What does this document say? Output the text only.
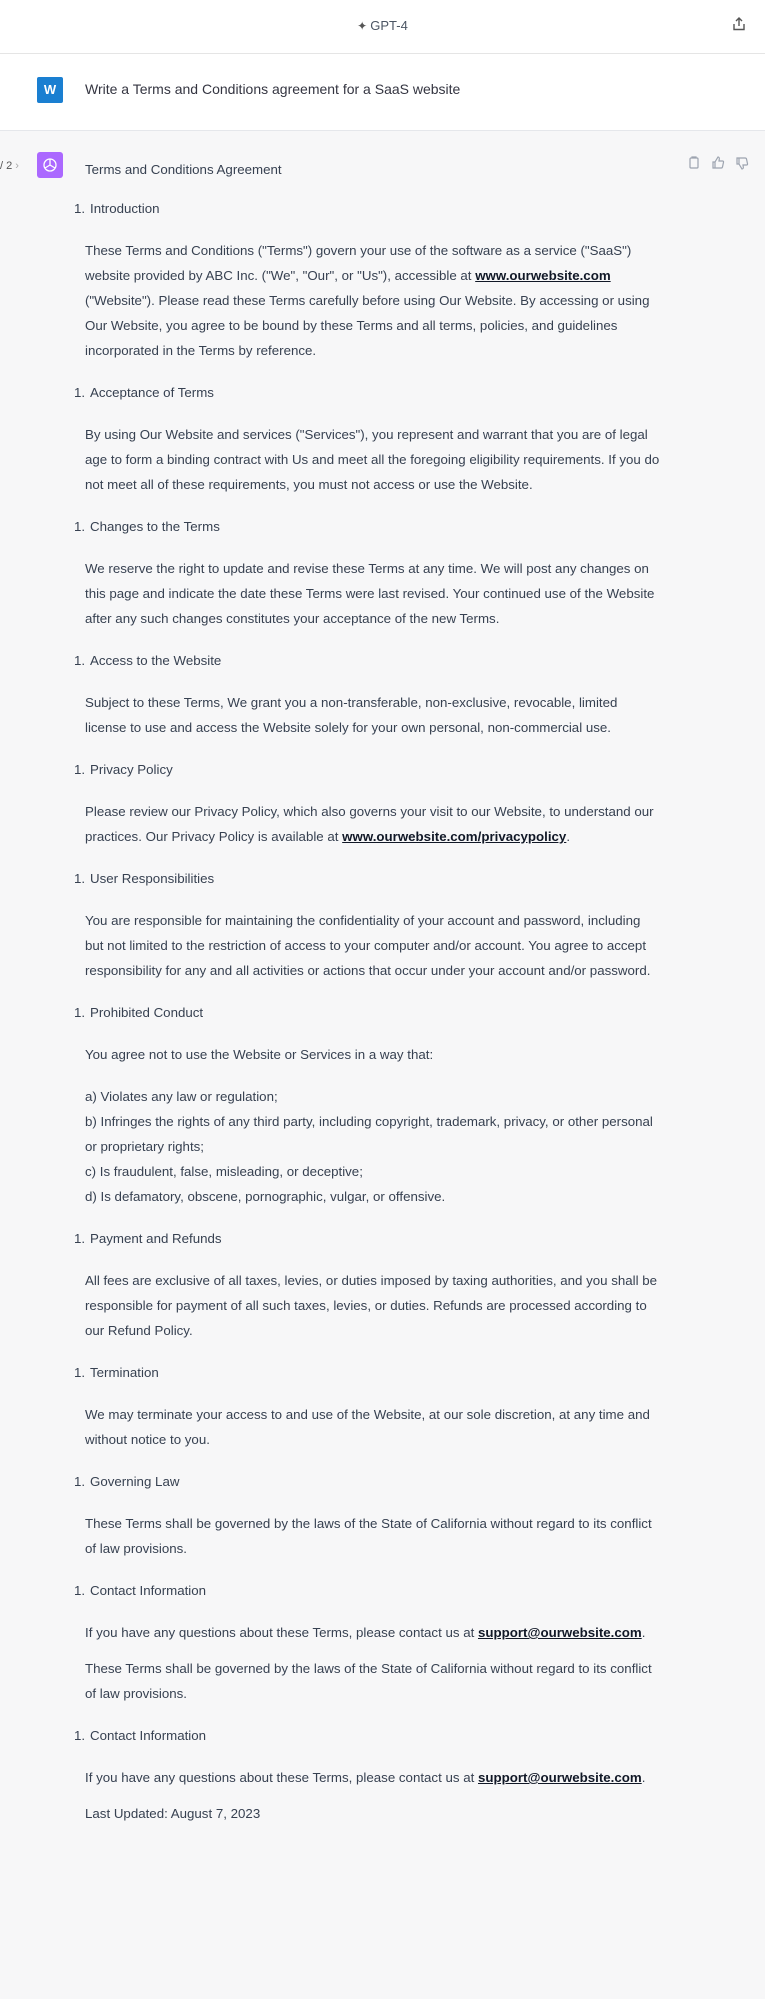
✦ GPT-4
W	Write a Terms and Conditions agreement for a SaaS website
/ 2 ›	Terms and Conditions Agreement
1. Introduction

These Terms and Conditions ("Terms") govern your use of the software as a service ("SaaS") website provided by ABC Inc. ("We", "Our", or "Us"), accessible at www.ourwebsite.com ("Website"). Please read these Terms carefully before using Our Website. By accessing or using Our Website, you agree to be bound by these Terms and all terms, policies, and guidelines incorporated in the Terms by reference.

1. Acceptance of Terms

By using Our Website and services ("Services"), you represent and warrant that you are of legal age to form a binding contract with Us and meet all the foregoing eligibility requirements. If you do not meet all of these requirements, you must not access or use the Website.

1. Changes to the Terms

We reserve the right to update and revise these Terms at any time. We will post any changes on this page and indicate the date these Terms were last revised. Your continued use of the Website after any such changes constitutes your acceptance of the new Terms.

1. Access to the Website

Subject to these Terms, We grant you a non-transferable, non-exclusive, revocable, limited license to use and access the Website solely for your own personal, non-commercial use.

1. Privacy Policy

Please review our Privacy Policy, which also governs your visit to our Website, to understand our practices. Our Privacy Policy is available at www.ourwebsite.com/privacypolicy.

1. User Responsibilities

You are responsible for maintaining the confidentiality of your account and password, including but not limited to the restriction of access to your computer and/or account. You agree to accept responsibility for any and all activities or actions that occur under your account and/or password.

1. Prohibited Conduct

You agree not to use the Website or Services in a way that:

a) Violates any law or regulation;
b) Infringes the rights of any third party, including copyright, trademark, privacy, or other personal or proprietary rights;
c) Is fraudulent, false, misleading, or deceptive;
d) Is defamatory, obscene, pornographic, vulgar, or offensive.

1. Payment and Refunds

All fees are exclusive of all taxes, levies, or duties imposed by taxing authorities, and you shall be responsible for payment of all such taxes, levies, or duties. Refunds are processed according to our Refund Policy.

1. Termination

We may terminate your access to and use of the Website, at our sole discretion, at any time and without notice to you.

1. Governing Law

These Terms shall be governed by the laws of the State of California without regard to its conflict of law provisions.

1. Contact Information

If you have any questions about these Terms, please contact us at support@ourwebsite.com.

These Terms shall be governed by the laws of the State of California without regard to its conflict of law provisions.

1. Contact Information

If you have any questions about these Terms, please contact us at support@ourwebsite.com.

Last Updated: August 7, 2023
